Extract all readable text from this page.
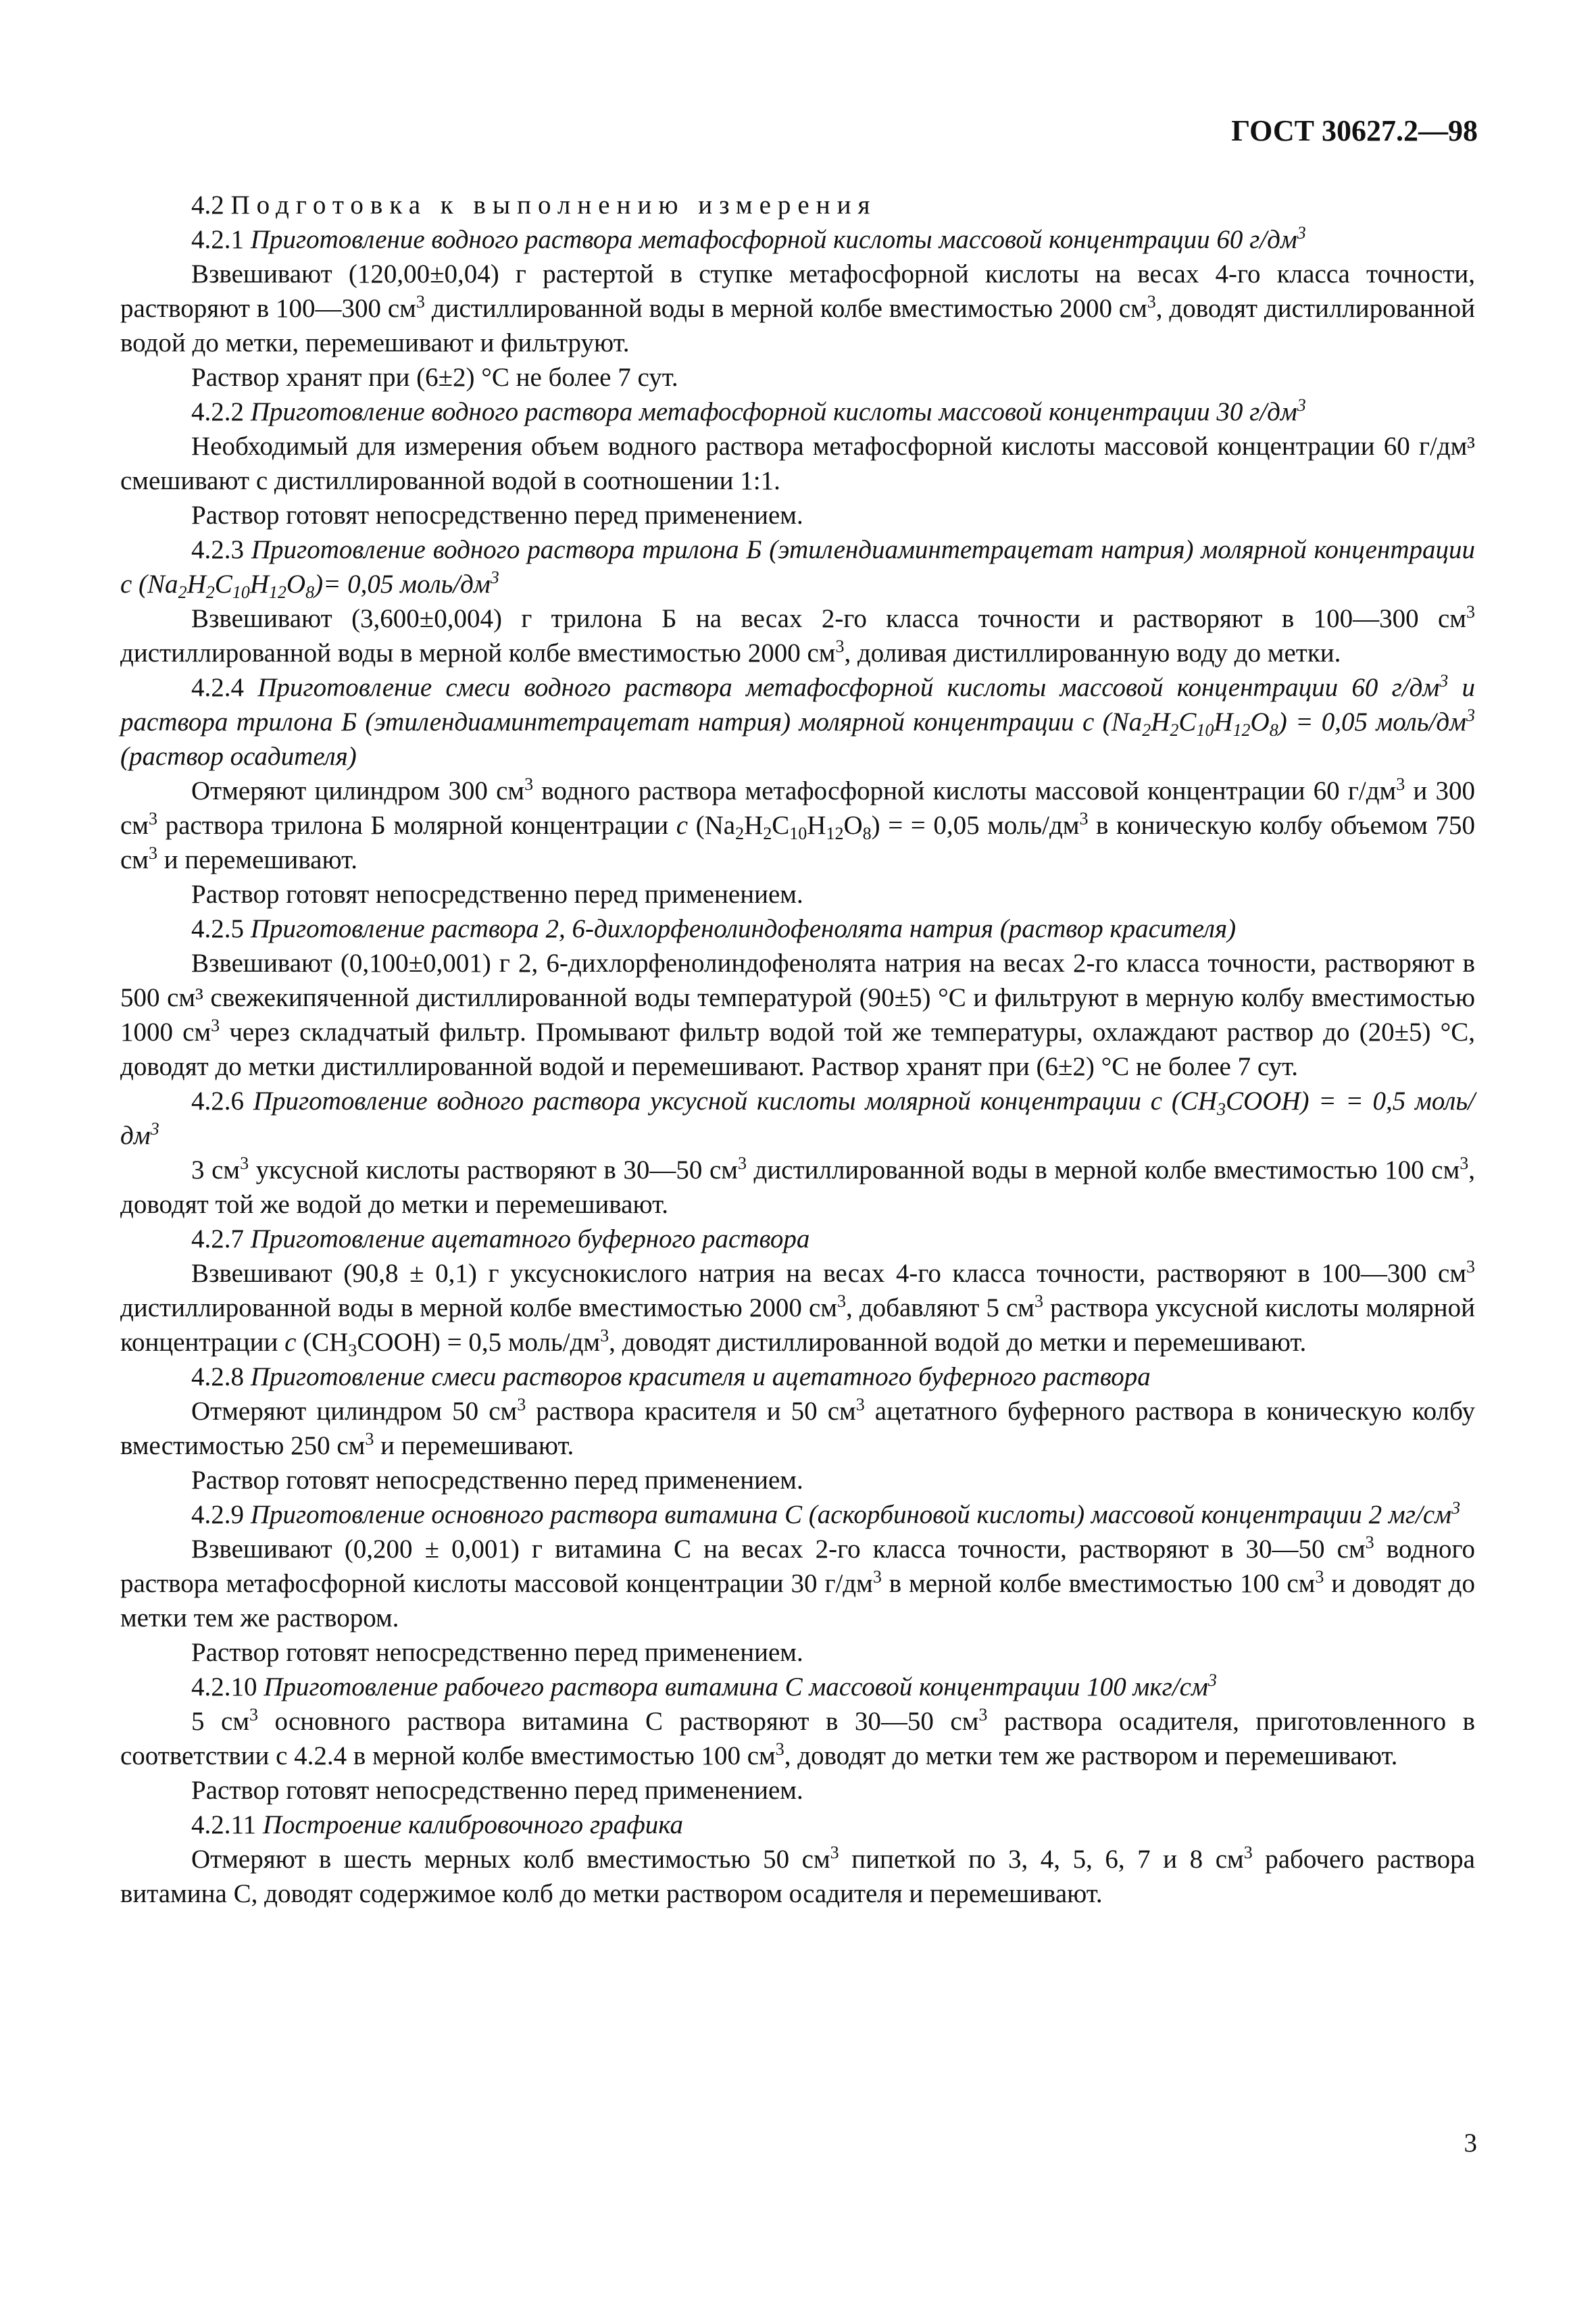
ГОСТ 30627.2—98

4.2 Подготовка к выполнению измерения

4.2.1 Приготовление водного раствора метафосфорной кислоты массовой концентрации 60 $г/дм^3$

Взвешивают (120,00±0,04) г растертой в ступке метафосфорной кислоты на весах 4-го класса точности, растворяют в 100—300 $см^3$ дистиллированной воды в мерной колбе вместимостью 2000 $см^3$, доводят дистиллированной водой до метки, перемешивают и фильтруют.

Раствор хранят при (6±2) °С не более 7 сут.

4.2.2 Приготовление водного раствора метафосфорной кислоты массовой концентрации 30 $г/дм^3$

Необходимый для измерения объем водного раствора метафосфорной кислоты массовой концентрации 60 г/дм³ смешивают с дистиллированной водой в соотношении 1:1.

Раствор готовят непосредственно перед применением.

4.2.3 Приготовление водного раствора трилона Б (этилендиаминтетрацетат натрия) молярной концентрации с $(Na_2H_2C_{10}H_{12}O_8)= 0,05$ моль/$дм^3$

Взвешивают (3,600±0,004) г трилона Б на весах 2-го класса точности и растворяют в 100—300 $см^3$ дистиллированной воды в мерной колбе вместимостью 2000 $см^3$, доливая дистиллированную воду до метки.

4.2.4 Приготовление смеси водного раствора метафосфорной кислоты массовой концентрации 60 $г/дм^3$ и раствора трилона Б (этилендиаминтетрацетат натрия) молярной концентрации с $(Na_2H_2C_{10}H_{12}O_8) = 0,05$ моль/$дм^3$ (раствор осадителя)

Отмеряют цилиндром 300 $см^3$ водного раствора метафосфорной кислоты массовой концентрации 60 $г/дм^3$ и 300 $см^3$ раствора трилона Б молярной концентрации с $(Na_2H_2C_{10}H_{12}O_8)$ = = 0,05 моль/$дм^3$ в коническую колбу объемом 750 $см^3$ и перемешивают.

Раствор готовят непосредственно перед применением.

4.2.5 Приготовление раствора 2, 6-дихлорфенолиндофенолята натрия (раствор красителя)

Взвешивают (0,100±0,001) г 2, 6-дихлорфенолиндофенолята натрия на весах 2-го класса точности, растворяют в 500 см³ свежекипяченной дистиллированной воды температурой (90±5) °С и фильтруют в мерную колбу вместимостью 1000 $см^3$ через складчатый фильтр. Промывают фильтр водой той же температуры, охлаждают раствор до (20±5) °С, доводят до метки дистиллированной водой и перемешивают. Раствор хранят при (6±2) °С не более 7 сут.

4.2.6 Приготовление водного раствора уксусной кислоты молярной концентрации с $(CH_3COOH)$ = = 0,5 моль/$дм^3$

3 $см^3$ уксусной кислоты растворяют в 30—50 $см^3$ дистиллированной воды в мерной колбе вместимостью 100 $см^3$, доводят той же водой до метки и перемешивают.

4.2.7 Приготовление ацетатного буферного раствора

Взвешивают (90,8 ± 0,1) г уксуснокислого натрия на весах 4-го класса точности, растворяют в 100—300 $см^3$ дистиллированной воды в мерной колбе вместимостью 2000 $см^3$, добавляют 5 $см^3$ раствора уксусной кислоты молярной концентрации с $(CH_3COOH) = 0,5$ моль/$дм^3$, доводят дистиллированной водой до метки и перемешивают.

4.2.8 Приготовление смеси растворов красителя и ацетатного буферного раствора

Отмеряют цилиндром 50 $см^3$ раствора красителя и 50 $см^3$ ацетатного буферного раствора в коническую колбу вместимостью 250 $см^3$ и перемешивают.

Раствор готовят непосредственно перед применением.

4.2.9 Приготовление основного раствора витамина С (аскорбиновой кислоты) массовой концентрации 2 $мг/см^3$

Взвешивают (0,200 ± 0,001) г витамина С на весах 2-го класса точности, растворяют в 30—50 $см^3$ водного раствора метафосфорной кислоты массовой концентрации 30 $г/дм^3$ в мерной колбе вместимостью 100 $см^3$ и доводят до метки тем же раствором.

Раствор готовят непосредственно перед применением.

4.2.10 Приготовление рабочего раствора витамина С массовой концентрации 100 мкг/$см^3$

5 $см^3$ основного раствора витамина С растворяют в 30—50 $см^3$ раствора осадителя, приготовленного в соответствии с 4.2.4 в мерной колбе вместимостью 100 $см^3$, доводят до метки тем же раствором и перемешивают.

Раствор готовят непосредственно перед применением.

4.2.11 Построение калибровочного графика

Отмеряют в шесть мерных колб вместимостью 50 $см^3$ пипеткой по 3, 4, 5, 6, 7 и 8 $см^3$ рабочего раствора витамина С, доводят содержимое колб до метки раствором осадителя и перемешивают.

3
